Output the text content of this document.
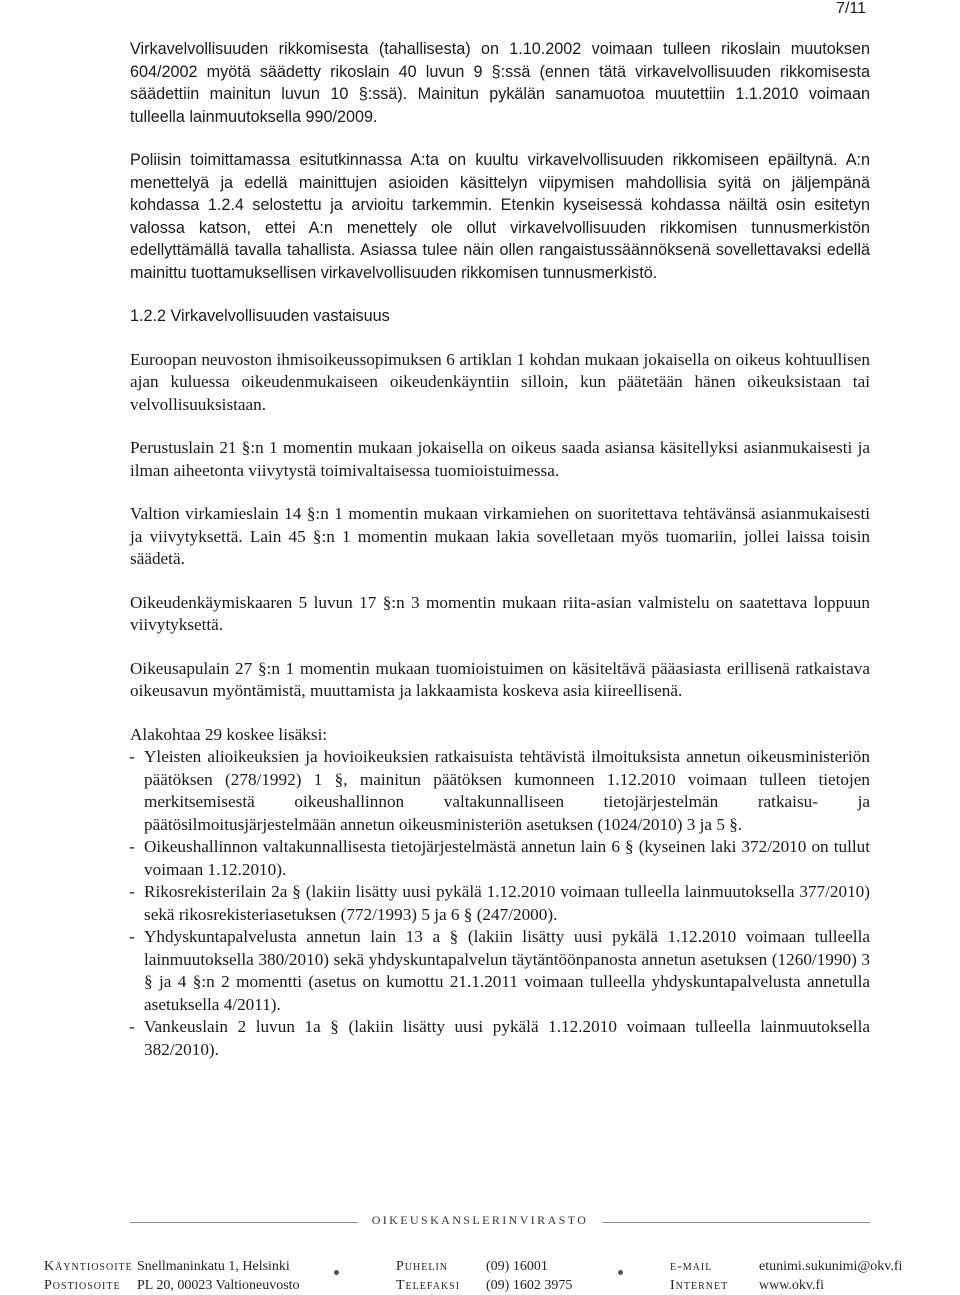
7/11

Virkavelvollisuuden rikkomisesta (tahallisesta) on 1.10.2002 voimaan tulleen rikoslain muutoksen 604/2002 myötä säädetty rikoslain 40 luvun 9 §:ssä (ennen tätä virkavelvollisuuden rikkomisesta säädettiin mainitun luvun 10 §:ssä). Mainitun pykälän sanamuotoa muutettiin 1.1.2010 voimaan tulleella lainmuutoksella 990/2009.

Poliisin toimittamassa esitutkinnassa A:ta on kuultu virkavelvollisuuden rikkomiseen epäiltynä. A:n menettelyä ja edellä mainittujen asioiden käsittelyn viipymisen mahdollisia syitä on jäljempänä kohdassa 1.2.4 selostettu ja arvioitu tarkemmin. Etenkin kyseisessä kohdassa näiltä osin esitetyn valossa katson, ettei A:n menettely ole ollut virkavelvollisuuden rikkomisen tunnusmerkistön edellyttämällä tavalla tahallista. Asiassa tulee näin ollen rangaistussäännöksenä sovellettavaksi edellä mainittu tuottamuksellisen virkavelvollisuuden rikkomisen tunnusmerkistö.

1.2.2 Virkavelvollisuuden vastaisuus

Euroopan neuvoston ihmisoikeussopimuksen 6 artiklan 1 kohdan mukaan jokaisella on oikeus kohtuullisen ajan kuluessa oikeudenmukaiseen oikeudenkäyntiin silloin, kun päätetään hänen oikeuksistaan tai velvollisuuksistaan.

Perustuslain 21 §:n 1 momentin mukaan jokaisella on oikeus saada asiansa käsitellyksi asianmukaisesti ja ilman aiheetonta viivytystä toimivaltaisessa tuomioistuimessa.

Valtion virkamieslain 14 §:n 1 momentin mukaan virkamiehen on suoritettava tehtävänsä asianmukaisesti ja viivytyksettä. Lain 45 §:n 1 momentin mukaan lakia sovelletaan myös tuomariin, jollei laissa toisin säädetä.

Oikeudenkäymiskaaren 5 luvun 17 §:n 3 momentin mukaan riita-asian valmistelu on saatettava loppuun viivytyksettä.

Oikeusapulain 27 §:n 1 momentin mukaan tuomioistuimen on käsiteltävä pääasiasta erillisenä ratkaistava oikeusavun myöntämistä, muuttamista ja lakkaamista koskeva asia kiireellisenä.

Alakohtaa 29 koskee lisäksi:

- Yleisten alioikeuksien ja hovioikeuksien ratkaisuista tehtävistä ilmoituksista annetun oikeusministeriön päätöksen (278/1992) 1 §, mainitun päätöksen kumonneen 1.12.2010 voimaan tulleen tietojen merkitsemisestä oikeushallinnon valtakunnalliseen tietojärjestelmän ratkaisu- ja päätösilmoitusjärjestelmään annetun oikeusministeriön asetuksen (1024/2010) 3 ja 5 §.
- Oikeushallinnon valtakunnallisesta tietojärjestelmästä annetun lain 6 § (kyseinen laki 372/2010 on tullut voimaan 1.12.2010).
- Rikosrekisterilain 2a § (lakiin lisätty uusi pykälä 1.12.2010 voimaan tulleella lainmuutoksella 377/2010) sekä rikosrekisteriasetuksen (772/1993) 5 ja 6 § (247/2000).
- Yhdyskuntapalvelusta annetun lain 13 a § (lakiin lisätty uusi pykälä 1.12.2010 voimaan tulleella lainmuutoksella 380/2010) sekä yhdyskuntapalvelun täytäntöönpanosta annetun asetuksen (1260/1990) 3 § ja 4 §:n 2 momentti (asetus on kumottu 21.1.2011 voimaan tulleella yhdyskuntapalvelusta annetulla asetuksella 4/2011).
- Vankeuslain 2 luvun 1a § (lakiin lisätty uusi pykälä 1.12.2010 voimaan tulleella lainmuutoksella 382/2010).
OIKEUSKANSLERINVIRASTO
Käyntiosoite
Postiosoite
Snellmaninkatu 1, Helsinki
PL 20, 00023 Valtioneuvosto
Puhelin
Telefaksi
(09) 16001
(09) 1602 3975
e-mail
Internet
etunimi.sukunimi@okv.fi
www.okv.fi
